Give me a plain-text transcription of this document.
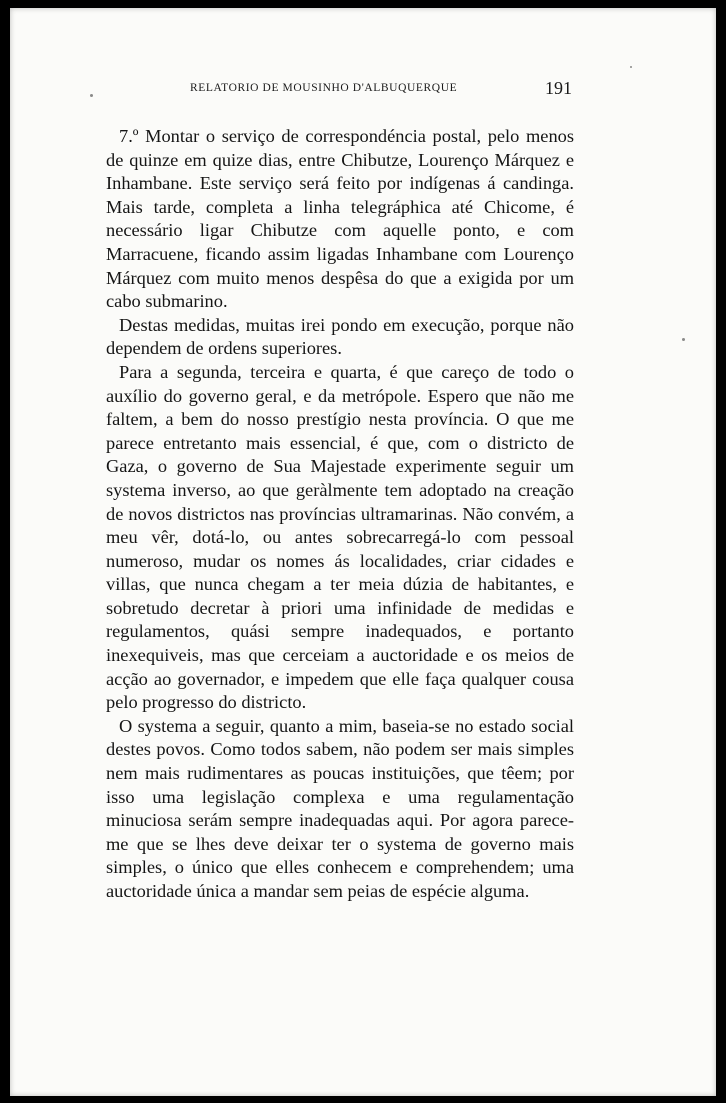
RELATORIO DE MOUSINHO D'ALBUQUERQUE	191

7.º Montar o serviço de correspondéncia postal, pelo menos de quinze em quize dias, entre Chibutze, Lourenço Márquez e Inhambane. Este serviço será feito por indígenas á candinga. Mais tarde, completa a linha telegráphica até Chicome, é necessário ligar Chibutze com aquelle ponto, e com Marracuene, ficando assim ligadas Inhambane com Lourenço Márquez com muito menos despêsa do que a exigida por um cabo submarino.

Destas medidas, muitas irei pondo em execução, porque não dependem de ordens superiores.

Para a segunda, terceira e quarta, é que careço de todo o auxílio do governo geral, e da metrópole. Espero que não me faltem, a bem do nosso prestígio nesta província. O que me parece entretanto mais essencial, é que, com o districto de Gaza, o governo de Sua Majestade experimente seguir um systema inverso, ao que geràlmente tem adoptado na creação de novos districtos nas províncias ultramarinas. Não convém, a meu vêr, dotá-lo, ou antes sobrecarregá-lo com pessoal numeroso, mudar os nomes ás localidades, criar cidades e villas, que nunca chegam a ter meia dúzia de habitantes, e sobretudo decretar à priori uma infinidade de medidas e regulamentos, quási sempre inadequados, e portanto inexequiveis, mas que cerceiam a auctoridade e os meios de acção ao governador, e impedem que elle faça qualquer cousa pelo progresso do districto.

O systema a seguir, quanto a mim, baseia-se no estado social destes povos. Como todos sabem, não podem ser mais simples nem mais rudimentares as poucas instituições, que têem; por isso uma legislação complexa e uma regulamentação minuciosa serám sempre inadequadas aqui. Por agora parece-me que se lhes deve deixar ter o systema de governo mais simples, o único que elles conhecem e comprehendem; uma auctoridade única a mandar sem peias de espécie alguma.
